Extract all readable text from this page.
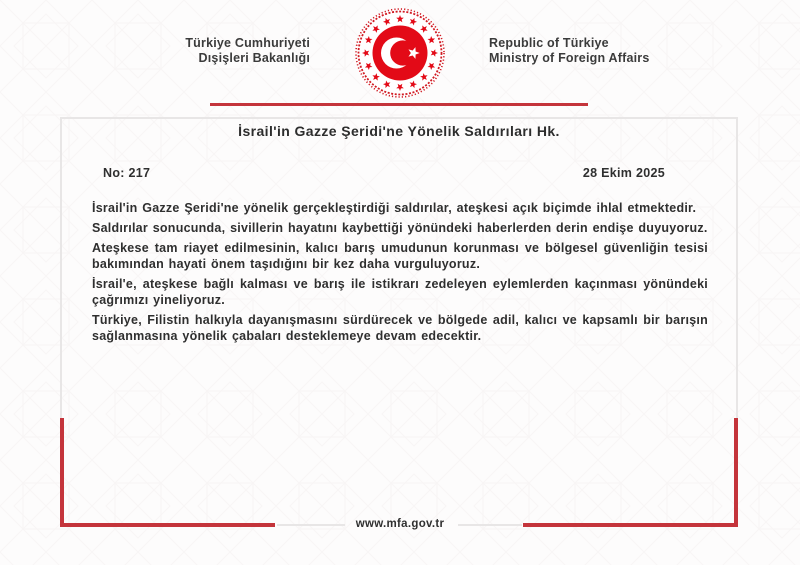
Türkiye Cumhuriyeti
Dışişleri Bakanlığı
Republic of Türkiye
Ministry of Foreign Affairs
İsrail'in Gazze Şeridi'ne Yönelik Saldırıları Hk.
No: 217	28 Ekim 2025

İsrail'in Gazze Şeridi'ne yönelik gerçekleştirdiği saldırılar, ateşkesi açık biçimde ihlal etmektedir.

Saldırılar sonucunda, sivillerin hayatını kaybettiği yönündeki haberlerden derin endişe duyuyoruz.

Ateşkese tam riayet edilmesinin, kalıcı barış umudunun korunması ve bölgesel güvenliğin tesisi bakımından hayati önem taşıdığını bir kez daha vurguluyoruz.

İsrail'e, ateşkese bağlı kalması ve barış ile istikrarı zedeleyen eylemlerden kaçınması yönündeki çağrımızı yineliyoruz.

Türkiye, Filistin halkıyla dayanışmasını sürdürecek ve bölgede adil, kalıcı ve kapsamlı bir barışın sağlanmasına yönelik çabaları desteklemeye devam edecektir.

www.mfa.gov.tr
